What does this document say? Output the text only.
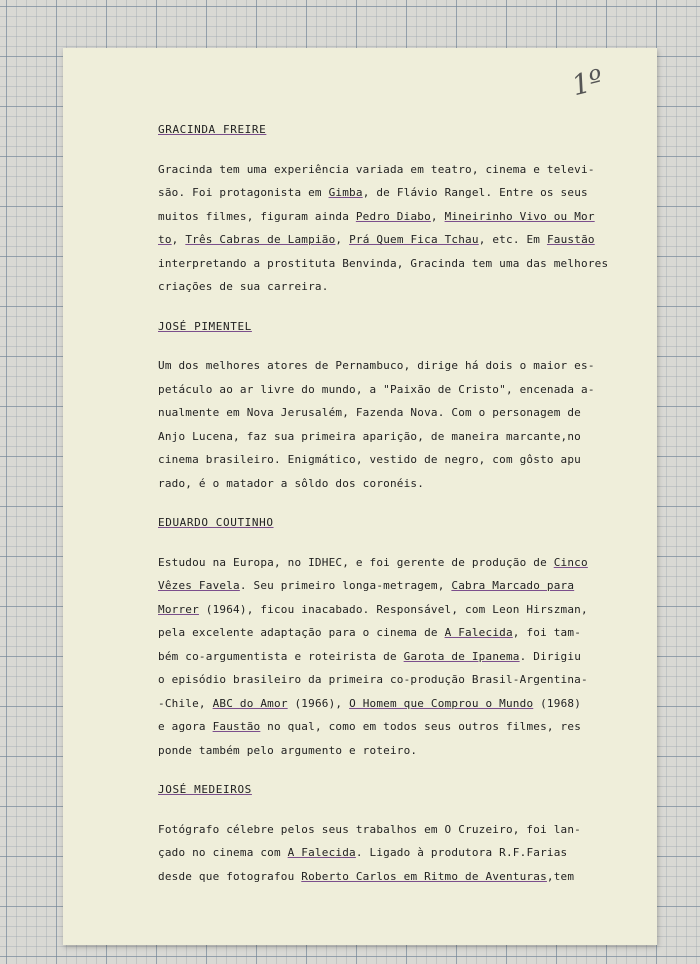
1º
GRACINDA FREIRE
Gracinda tem uma experiência variada em teatro, cinema e televi-
são. Foi protagonista em Gimba, de Flávio Rangel. Entre os seus
muitos filmes, figuram ainda Pedro Diabo, Mineirinho Vivo ou Mor
to, Três Cabras de Lampião, Prá Quem Fica Tchau, etc. Em Faustão
interpretando a prostituta Benvinda, Gracinda tem uma das melhores
criações de sua carreira.
JOSÉ PIMENTEL
Um dos melhores atores de Pernambuco, dirige há dois o maior es-
petáculo ao ar livre do mundo, a "Paixão de Cristo", encenada a-
nualmente em Nova Jerusalém, Fazenda Nova. Com o personagem de
Anjo Lucena, faz sua primeira aparição, de maneira marcante,no
cinema brasileiro. Enigmático, vestido de negro, com gôsto apu
rado, é o matador a sôldo dos coronéis.
EDUARDO COUTINHO
Estudou na Europa, no IDHEC, e foi gerente de produção de Cinco
Vêzes Favela. Seu primeiro longa-metragem, Cabra Marcado para
Morrer (1964), ficou inacabado. Responsável, com Leon Hirszman,
pela excelente adaptação para o cinema de A Falecida, foi tam-
bém co-argumentista e roteirista de Garota de Ipanema. Dirigiu
o episódio brasileiro da primeira co-produção Brasil-Argentina-
-Chile, ABC do Amor (1966), O Homem que Comprou o Mundo (1968)
e agora Faustão no qual, como em todos seus outros filmes, res
ponde também pelo argumento e roteiro.
JOSÉ MEDEIROS
Fotógrafo célebre pelos seus trabalhos em O Cruzeiro, foi lan-
çado no cinema com A Falecida. Ligado à produtora R.F.Farias
desde que fotografou Roberto Carlos em Ritmo de Aventuras,tem
